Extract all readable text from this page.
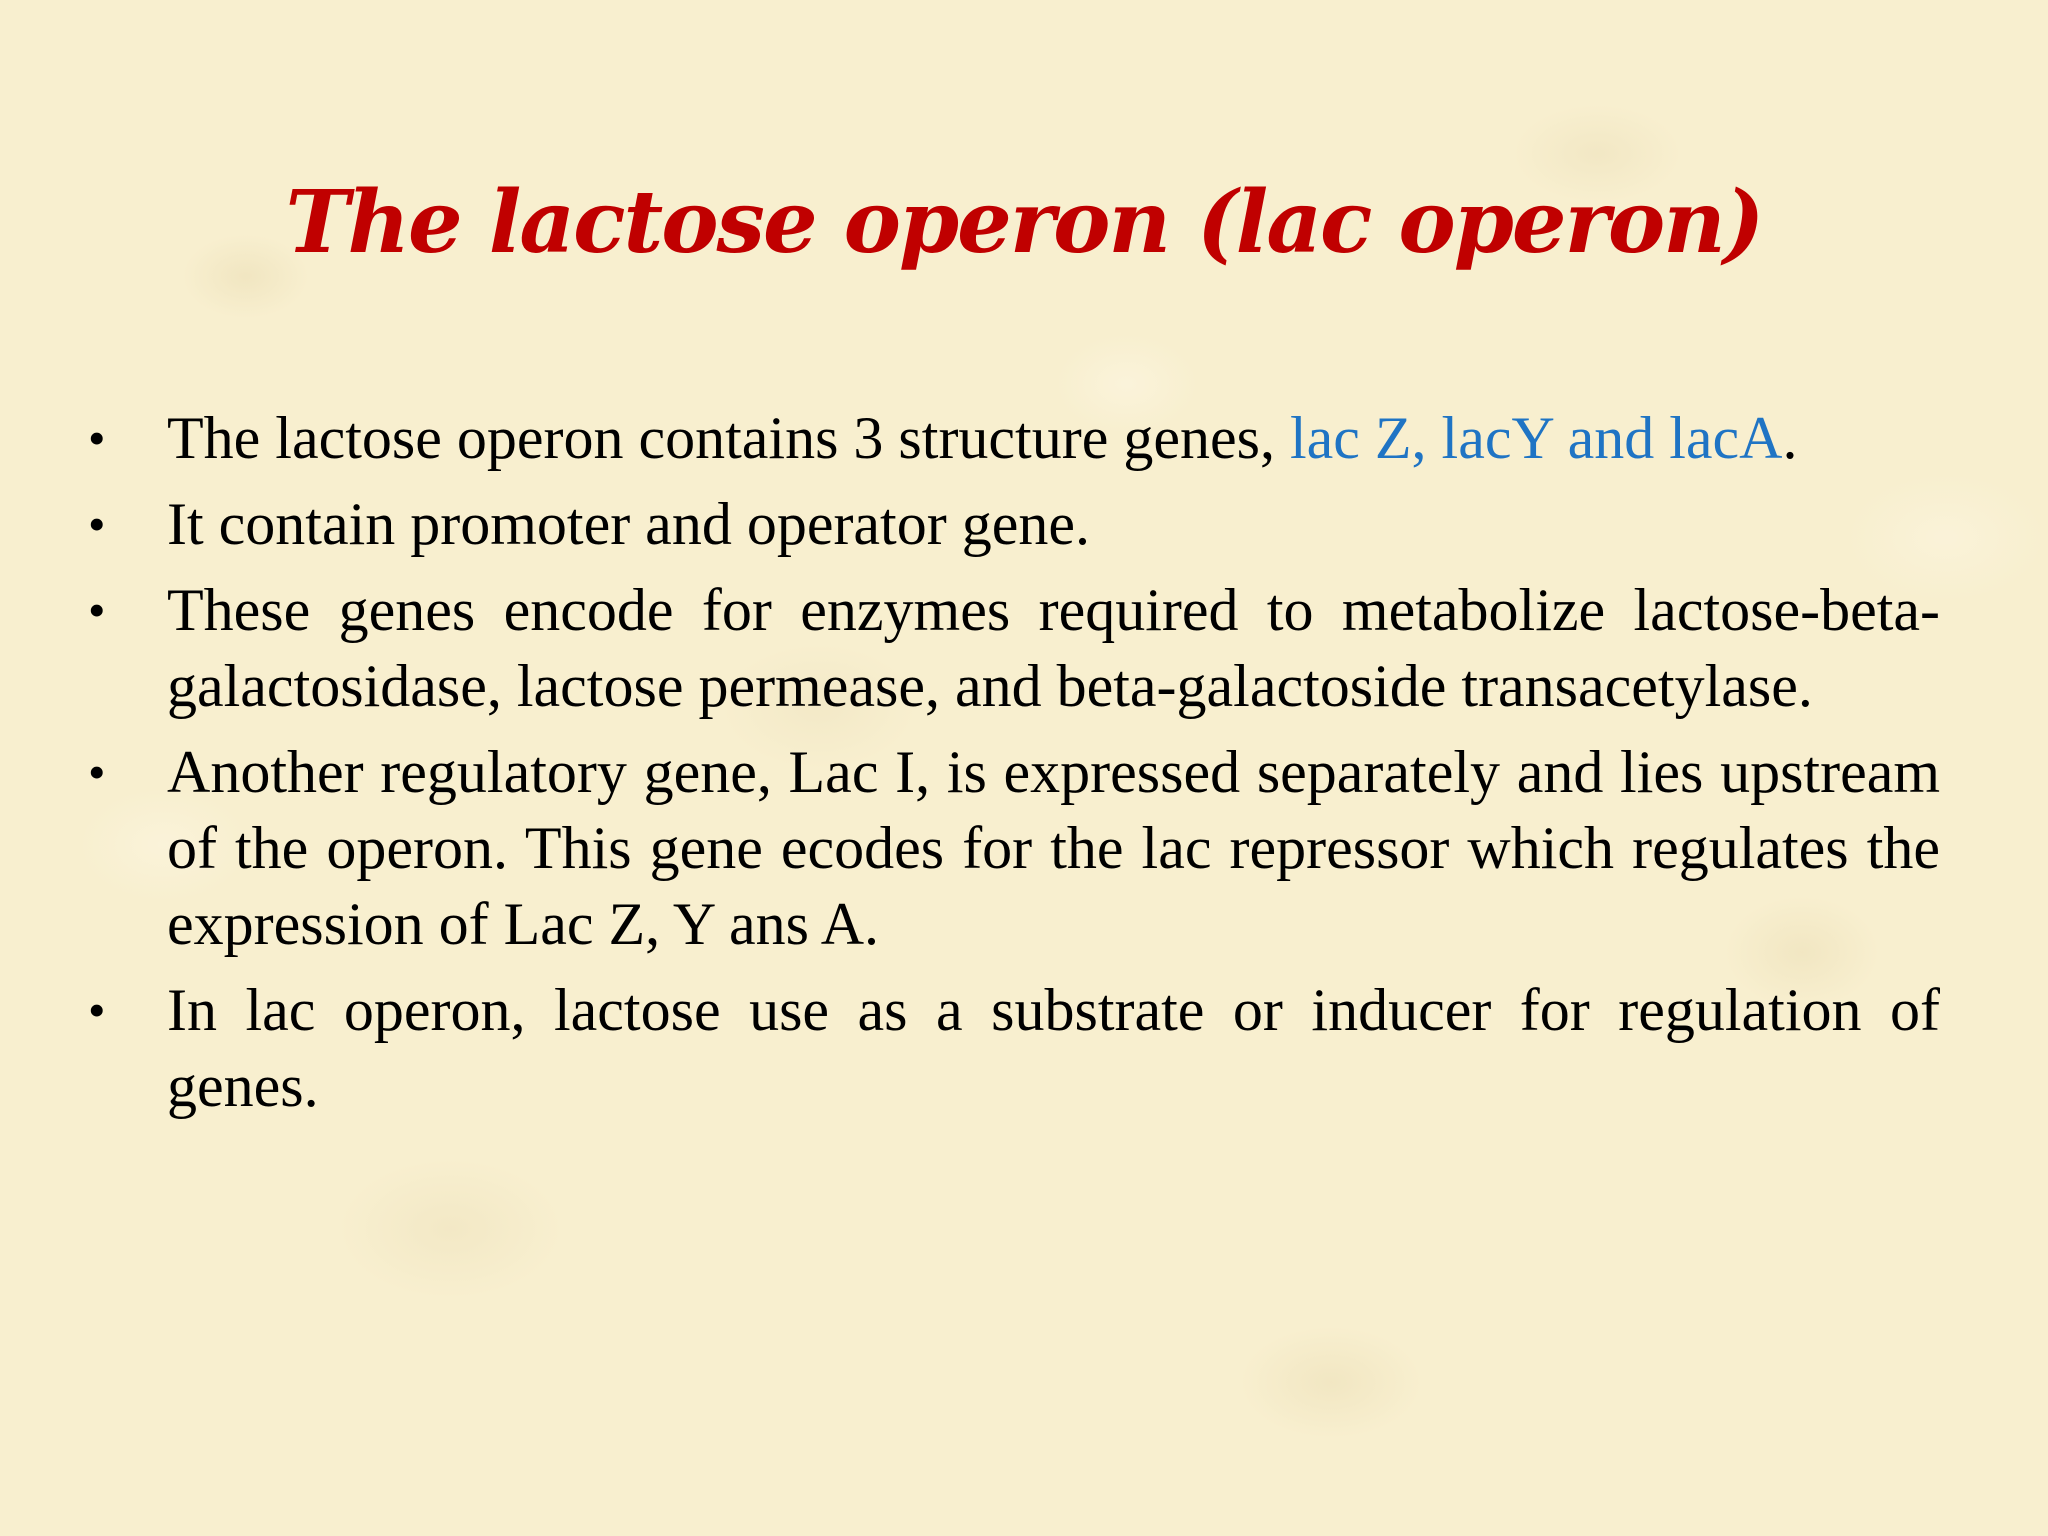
The lactose operon (lac operon)
• The lactose operon contains 3 structure genes, lac Z, lacY and lacA.
• It contain promoter and operator gene.
• These genes encode for enzymes required to metabolize lactose-beta-galactosidase, lactose permease, and beta-galactoside transacetylase.
• Another regulatory gene, Lac I, is expressed separately and lies upstream of the operon. This gene ecodes for the lac repressor which regulates the expression of Lac Z, Y ans A.
• In lac operon, lactose use as a substrate or inducer for regulation of genes.
